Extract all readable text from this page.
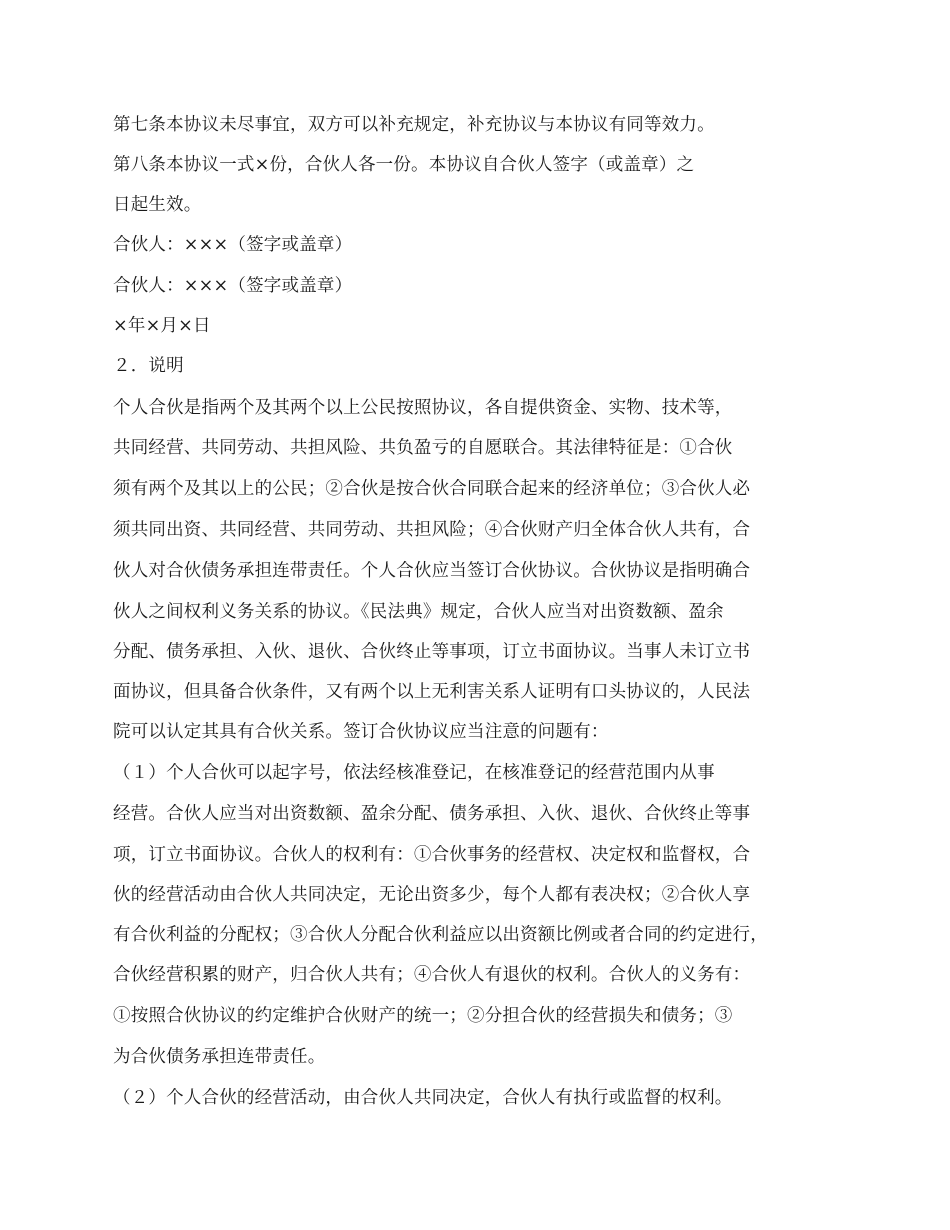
第七条本协议未尽事宜，双方可以补充规定，补充协议与本协议有同等效力。
第八条本协议一式×份，合伙人各一份。本协议自合伙人签字（或盖章）之
日起生效。
合伙人：×××（签字或盖章）
合伙人：×××（签字或盖章）
×年×月×日
２．说明
个人合伙是指两个及其两个以上公民按照协议，各自提供资金、实物、技术等，
共同经营、共同劳动、共担风险、共负盈亏的自愿联合。其法律特征是：①合伙
须有两个及其以上的公民；②合伙是按合伙合同联合起来的经济单位；③合伙人必
须共同出资、共同经营、共同劳动、共担风险；④合伙财产归全体合伙人共有，合
伙人对合伙债务承担连带责任。个人合伙应当签订合伙协议。合伙协议是指明确合
伙人之间权利义务关系的协议。《民法典》规定，合伙人应当对出资数额、盈余
分配、债务承担、入伙、退伙、合伙终止等事项，订立书面协议。当事人未订立书
面协议，但具备合伙条件，又有两个以上无利害关系人证明有口头协议的，人民法
院可以认定其具有合伙关系。签订合伙协议应当注意的问题有：
（１）个人合伙可以起字号，依法经核准登记，在核准登记的经营范围内从事
经营。合伙人应当对出资数额、盈余分配、债务承担、入伙、退伙、合伙终止等事
项，订立书面协议。合伙人的权利有：①合伙事务的经营权、决定权和监督权，合
伙的经营活动由合伙人共同决定，无论出资多少，每个人都有表决权；②合伙人享
有合伙利益的分配权；③合伙人分配合伙利益应以出资额比例或者合同的约定进行，
合伙经营积累的财产，归合伙人共有；④合伙人有退伙的权利。合伙人的义务有：
①按照合伙协议的约定维护合伙财产的统一；②分担合伙的经营损失和债务；③
为合伙债务承担连带责任。
（２）个人合伙的经营活动，由合伙人共同决定，合伙人有执行或监督的权利。
